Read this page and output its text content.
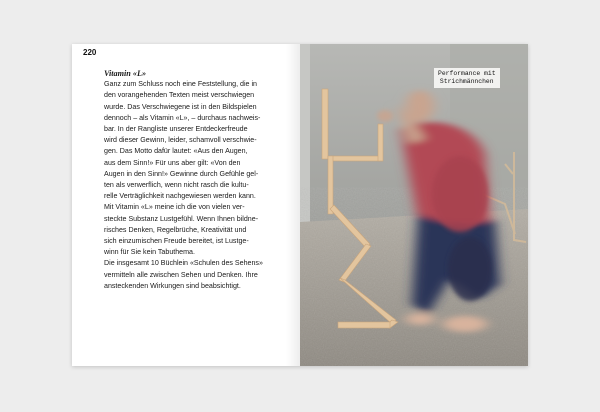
220
Vitamin «L»
Ganz zum Schluss noch eine Feststellung, die in
den vorangehenden Texten meist verschwiegen
wurde. Das Verschwiegene ist in den Bildspielen
dennoch – als Vitamin «L», – durchaus nachweis-
bar. In der Rangliste unserer Entdeckerfreude
wird dieser Gewinn, leider, schamvoll verschwie-
gen. Das Motto dafür lautet: «Aus den Augen,
aus dem Sinn!» Für uns aber gilt: «Von den
Augen in den Sinn!» Gewinne durch Gefühle gel-
ten als verwerflich, wenn nicht rasch die kultu-
relle Verträglichkeit nachgewiesen werden kann.
Mit Vitamin «L» meine ich die von vielen ver-
steckte Substanz Lustgefühl. Wenn Ihnen bildne-
risches Denken, Regelbrüche, Kreativität und
sich einzumischen Freude bereitet, ist Lustge-
winn für Sie kein Tabuthema.
Die insgesamt 10 Büchlein «Schulen des Sehens»
vermitteln alle zwischen Sehen und Denken. Ihre
ansteckenden Wirkungen sind beabsichtigt.
Performance mit
Strichmännchen
